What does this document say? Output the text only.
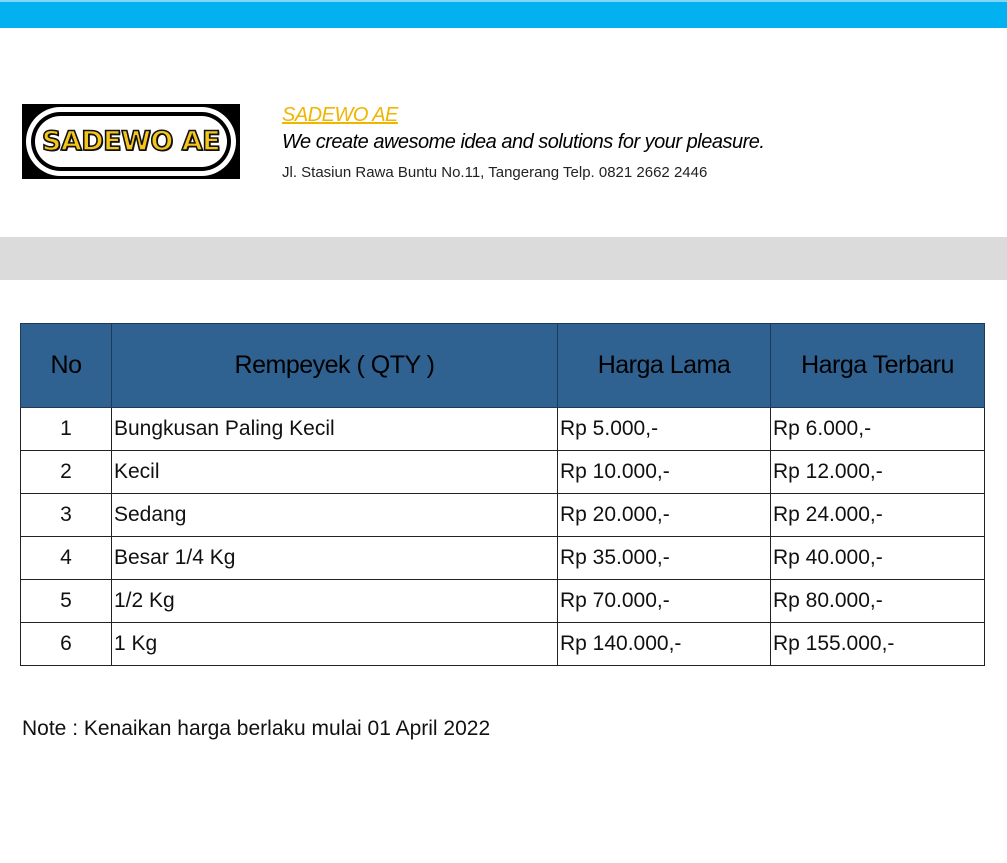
SADEWO AE
SADEWO AE
We create awesome idea and solutions for your pleasure.
Jl. Stasiun Rawa Buntu No.11, Tangerang Telp. 0821 2662 2446
No	Rempeyek ( QTY )	Harga Lama	Harga Terbaru
1	Bungkusan Paling Kecil	Rp 5.000,-	Rp 6.000,-
2	Kecil	Rp 10.000,-	Rp 12.000,-
3	Sedang	Rp 20.000,-	Rp 24.000,-
4	Besar 1/4 Kg	Rp 35.000,-	Rp 40.000,-
5	1/2 Kg	Rp 70.000,-	Rp 80.000,-
6	1 Kg	Rp 140.000,-	Rp 155.000,-
Note : Kenaikan harga berlaku mulai 01 April 2022
